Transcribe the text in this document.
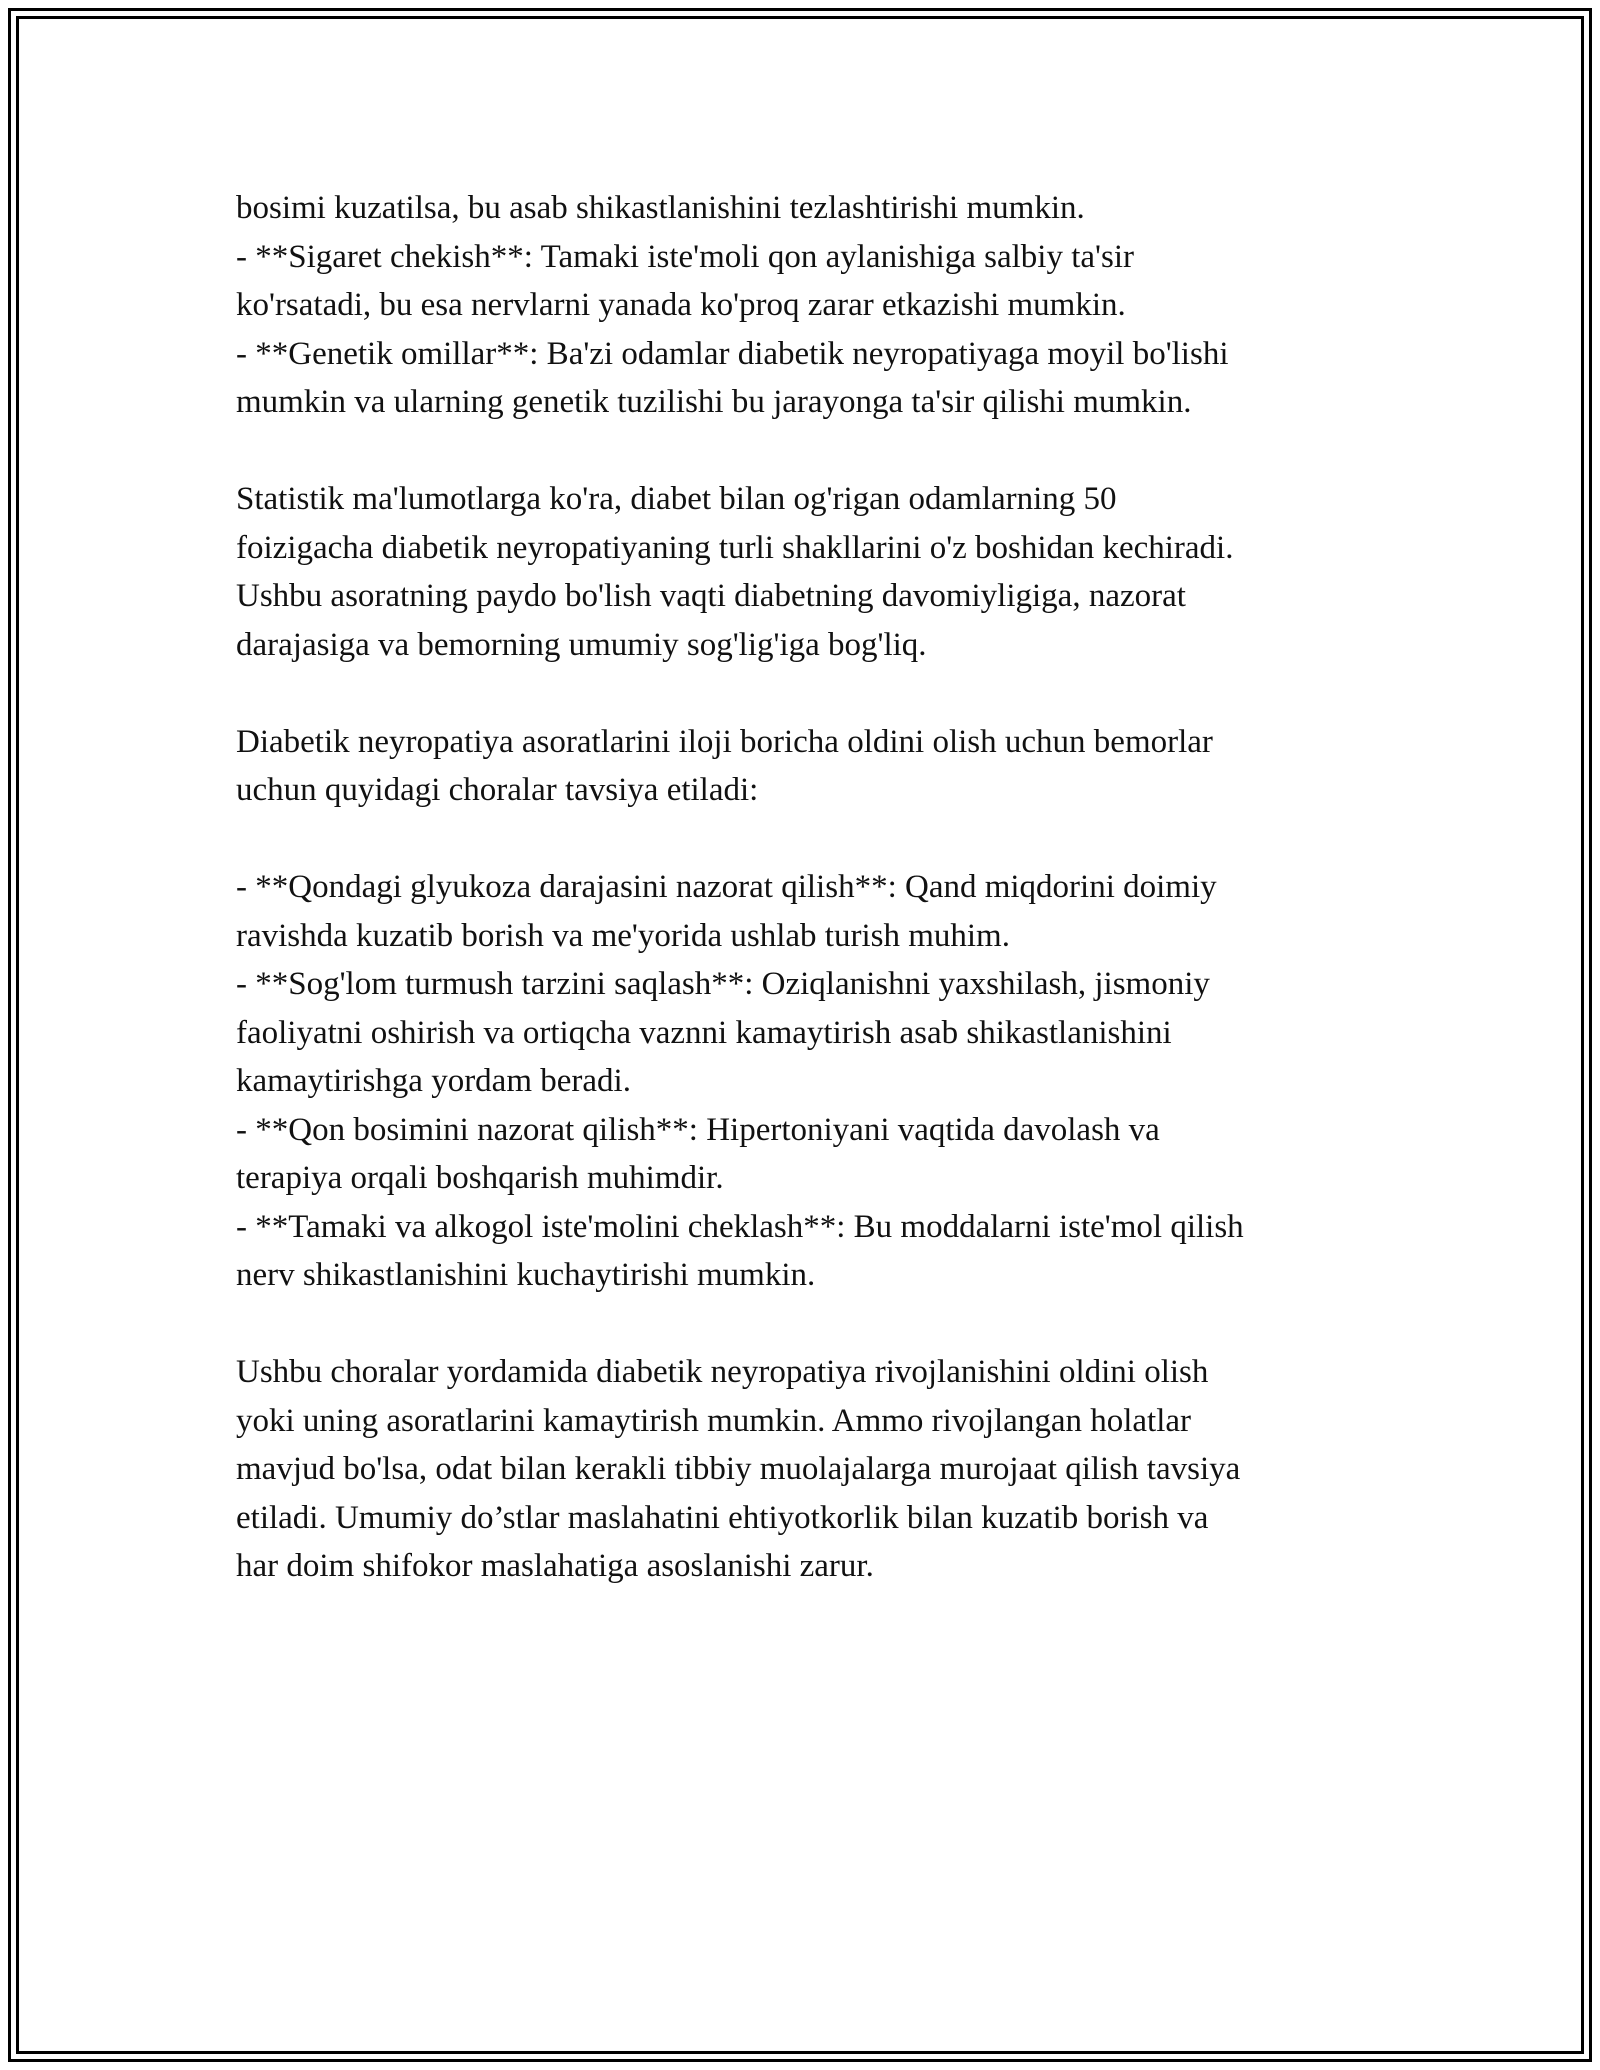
bosimi kuzatilsa, bu asab shikastlanishini tezlashtirishi mumkin.
- **Sigaret chekish**: Tamaki iste'moli qon aylanishiga salbiy ta'sir
ko'rsatadi, bu esa nervlarni yanada ko'proq zarar etkazishi mumkin.
- **Genetik omillar**: Ba'zi odamlar diabetik neyropatiyaga moyil bo'lishi
mumkin va ularning genetik tuzilishi bu jarayonga ta'sir qilishi mumkin.
Statistik ma'lumotlarga ko'ra, diabet bilan og'rigan odamlarning 50
foizigacha diabetik neyropatiyaning turli shakllarini o'z boshidan kechiradi.
Ushbu asoratning paydo bo'lish vaqti diabetning davomiyligiga, nazorat
darajasiga va bemorning umumiy sog'lig'iga bog'liq.
Diabetik neyropatiya asoratlarini iloji boricha oldini olish uchun bemorlar
uchun quyidagi choralar tavsiya etiladi:
- **Qondagi glyukoza darajasini nazorat qilish**: Qand miqdorini doimiy
ravishda kuzatib borish va me'yorida ushlab turish muhim.
- **Sog'lom turmush tarzini saqlash**: Oziqlanishni yaxshilash, jismoniy
faoliyatni oshirish va ortiqcha vaznni kamaytirish asab shikastlanishini
kamaytirishga yordam beradi.
- **Qon bosimini nazorat qilish**: Hipertoniyani vaqtida davolash va
terapiya orqali boshqarish muhimdir.
- **Tamaki va alkogol iste'molini cheklash**: Bu moddalarni iste'mol qilish
nerv shikastlanishini kuchaytirishi mumkin.
Ushbu choralar yordamida diabetik neyropatiya rivojlanishini oldini olish
yoki uning asoratlarini kamaytirish mumkin. Ammo rivojlangan holatlar
mavjud bo'lsa, odat bilan kerakli tibbiy muolajalarga murojaat qilish tavsiya
etiladi. Umumiy do’stlar maslahatini ehtiyotkorlik bilan kuzatib borish va
har doim shifokor maslahatiga asoslanishi zarur.
